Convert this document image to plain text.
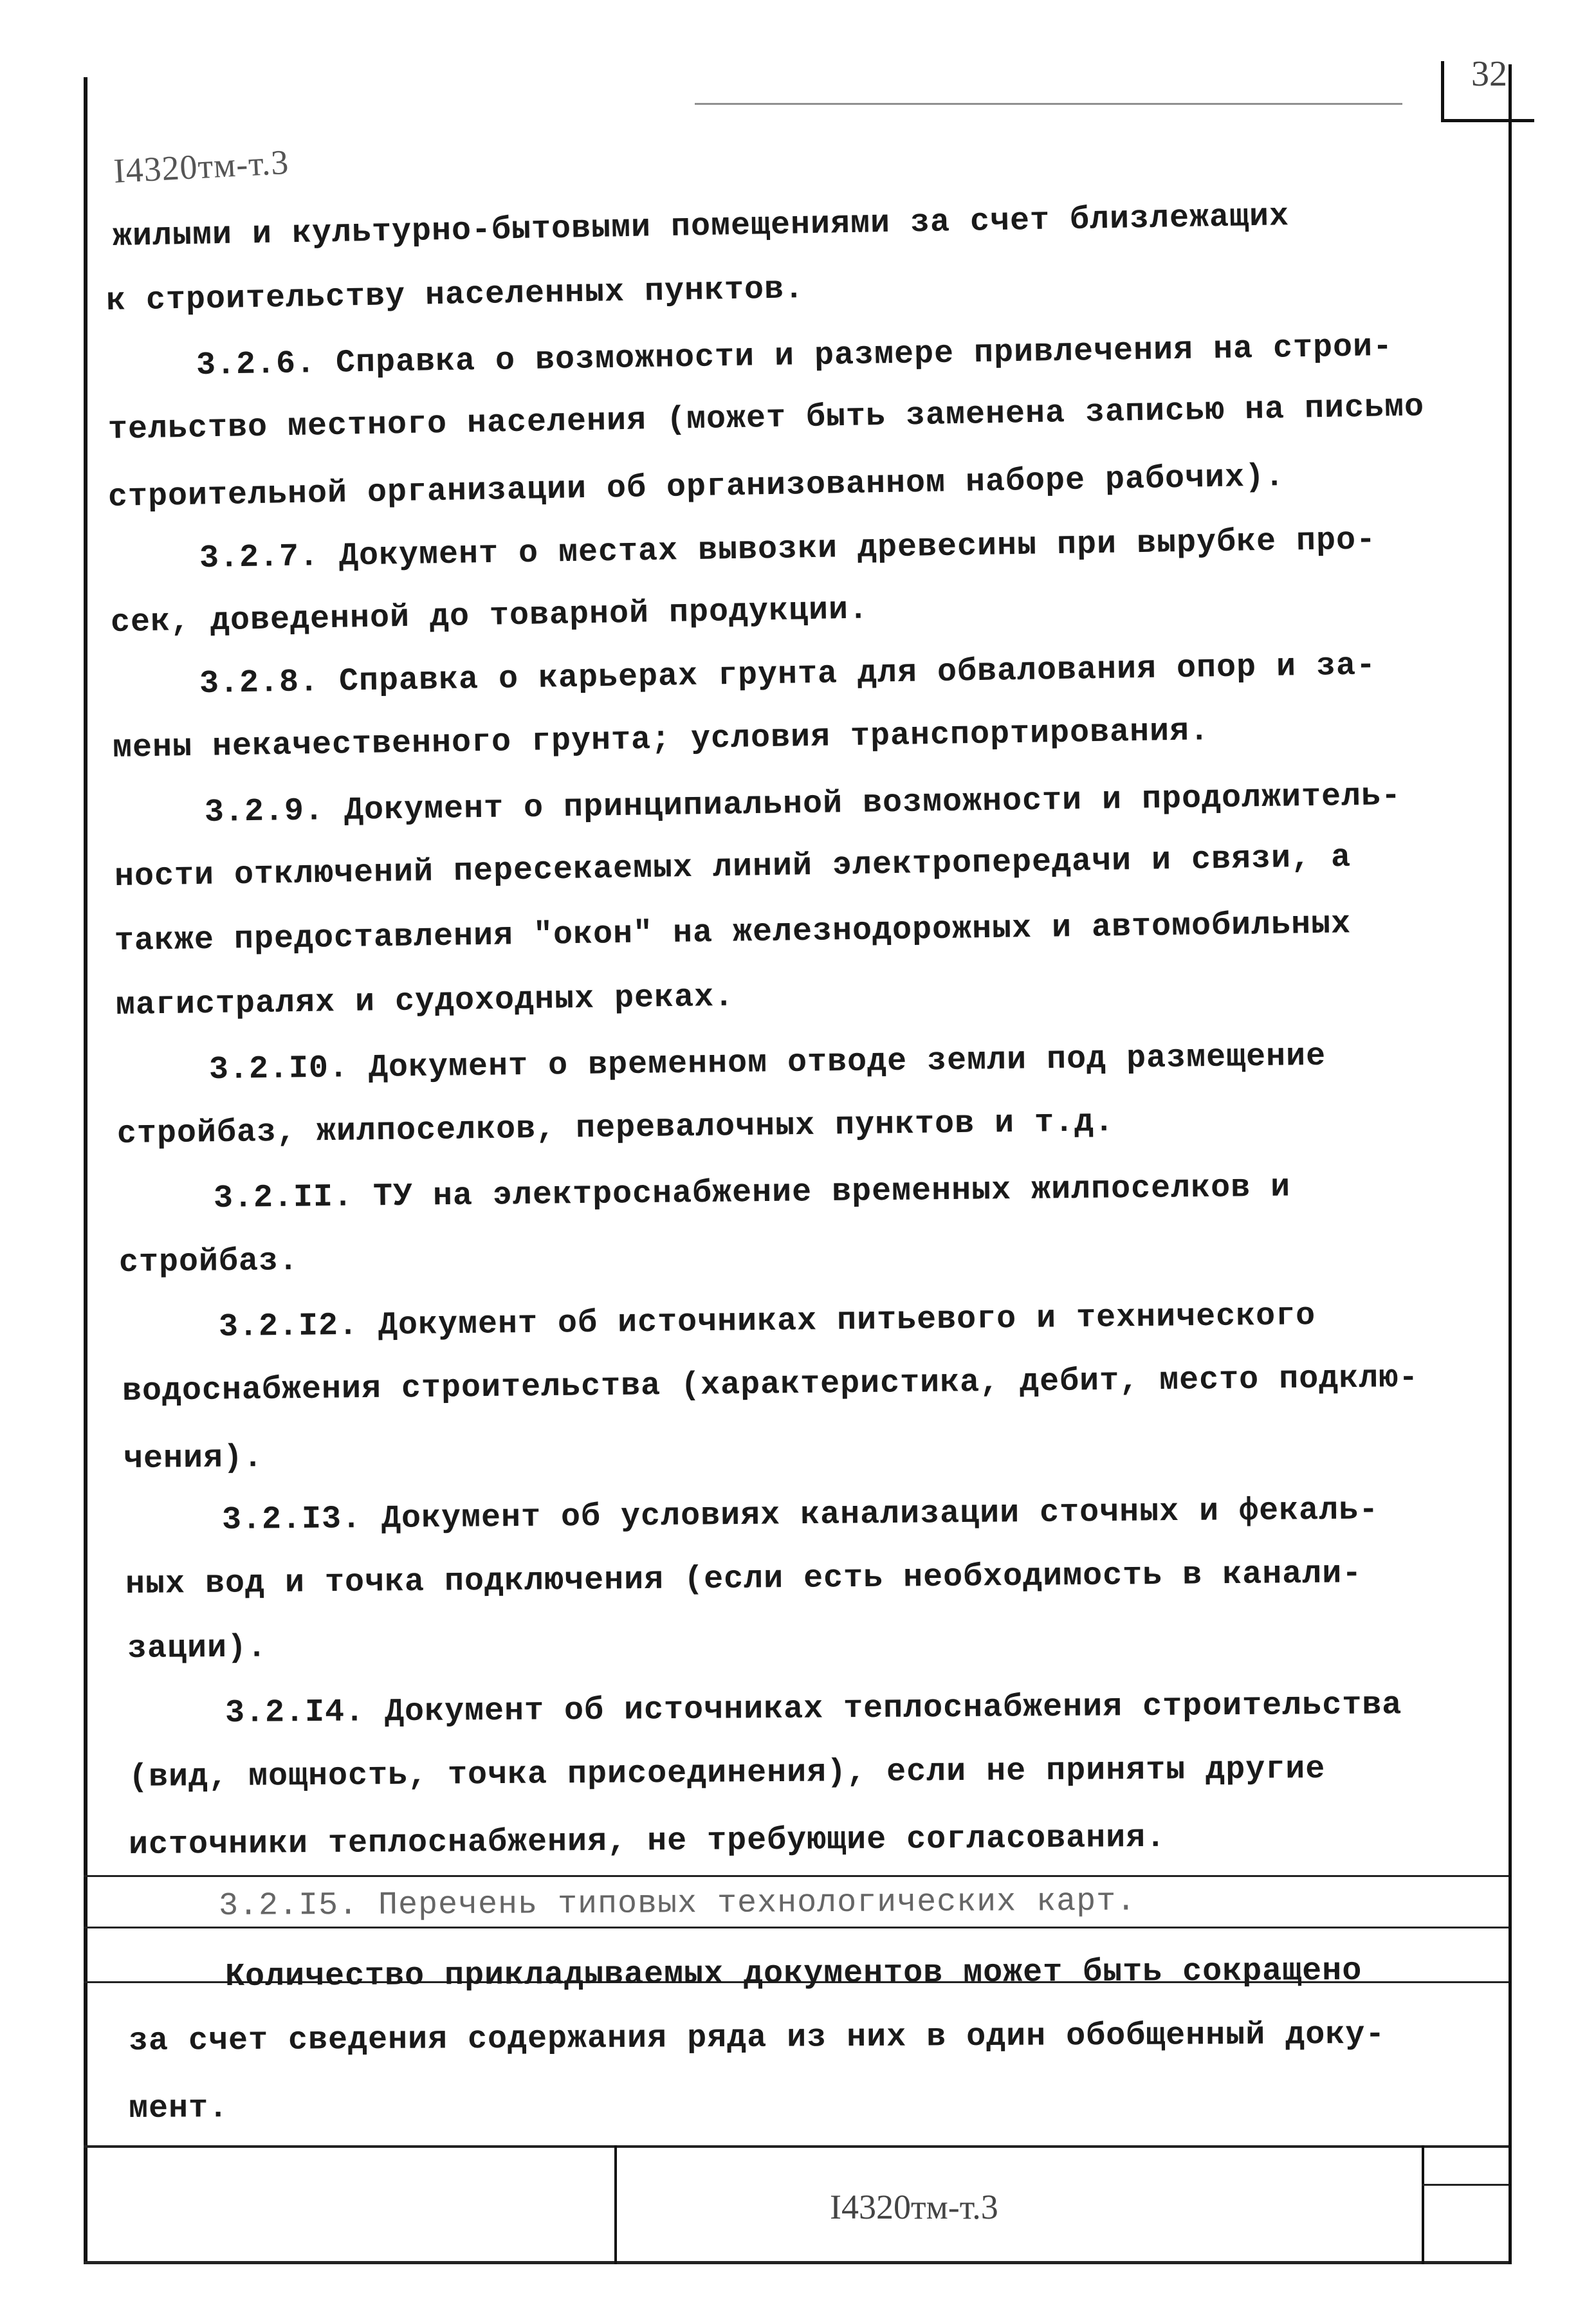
32
I4320тм-т.3
жилыми и культурно-бытовыми помещениями за счет близлежащих
к строительству населенных пунктов.
3.2.6. Справка о возможности и размере привлечения на строи-
тельство местного населения (может быть заменена записью на письмо
строительной организации об организованном наборе рабочих).
3.2.7. Документ о местах вывозки древесины при вырубке про-
сек, доведенной до товарной продукции.
3.2.8. Справка о карьерах грунта для обвалования опор и за-
мены некачественного грунта; условия транспортирования.
3.2.9. Документ о принципиальной возможности и продолжитель-
ности отключений пересекаемых линий электропередачи и связи, а
также предоставления "окон" на железнодорожных и автомобильных
магистралях и судоходных реках.
3.2.I0. Документ о временном отводе земли под размещение
стройбаз, жилпоселков, перевалочных пунктов и т.д.
3.2.II. ТУ на электроснабжение временных жилпоселков и
стройбаз.
3.2.I2. Документ об источниках питьевого и технического
водоснабжения строительства (характеристика, дебит, место подклю-
чения).
3.2.I3. Документ об условиях канализации сточных и фекаль-
ных вод и точка подключения (если есть необходимость в канали-
зации).
3.2.I4. Документ об источниках теплоснабжения строительства
(вид, мощность, точка присоединения), если не приняты другие
источники теплоснабжения, не требующие согласования.
3.2.I5. Перечень типовых технологических карт.
Количество прикладываемых документов может быть сокращено
за счет сведения содержания ряда из них в один обобщенный доку-
мент.
I4320тм-т.3
